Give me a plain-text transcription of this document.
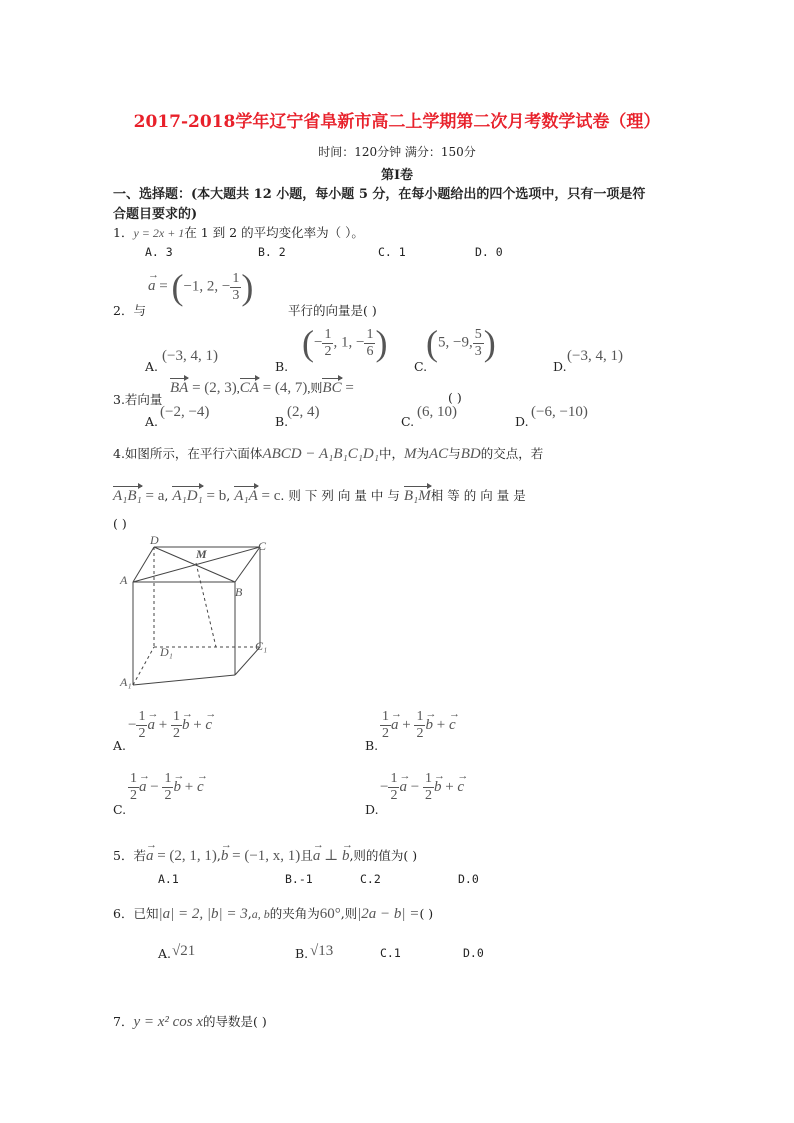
2017-2018学年辽宁省阜新市高二上学期第二次月考数学试卷（理）
时间：120分钟 满分：150分
第Ⅰ卷
一、选择题：(本大题共 12 小题，每小题 5 分，在每小题给出的四个选项中，只有一项是符
合题目要求的)
1．y = 2x + 1在 1 到 2 的平均变化率为（ ）。
A. 3	B. 2	C. 1	D. 0
→ a = (−1, 2, − $\frac{1}{3}$ )
2．与	平行的向量是( )
A.
(−3, 4, 1)
B.
(− $\frac{1}{2}$ , 1, − $\frac{1}{6}$ )
C.
(5, −9, $\frac{5}{3}$ )
D.
(−3, 4, 1)
3.若向量
BA = (2, 3),CA = (4, 7),则BC =
( )
A.
(−2, −4)
B.
(2, 4)
C.
(6, 10)
D.
(−6, −10)
4.如图所示，在平行六面体ABCD − A₁B₁C₁D₁中，M为AC与BD的交点，若
A₁B₁ = a, A₁D₁ = b, A₁A = c.则下列向量中与B₁M相等的向量是
( )
D
M
C
A
B
D₁	C₁
A₁
A.
− $\frac{1}{2}$
→ $a + \frac{1}{2}$
→ b + → c
B.
$\frac{1}{2}$
→ $a + \frac{1}{2}$
→ b + → c
C.
$\frac{1}{2}$
→ $a - \frac{1}{2}$
→ b + → c
D.
− $\frac{1}{2}$
→ $a - \frac{1}{2}$
→ b + → c
5．若→ a = (2, 1, 1),→ b = (−1, x, 1)且→ a ⊥ → b,则的值为( )
A.1	B.-1	C.2	D.0
6．已知|a| = 2, |b| = 3,a, b的夹角为60°,则|2a − b| =( )
A. √21	B. √13	C.1	D.0
7．y = x² cos x的导数是( )
